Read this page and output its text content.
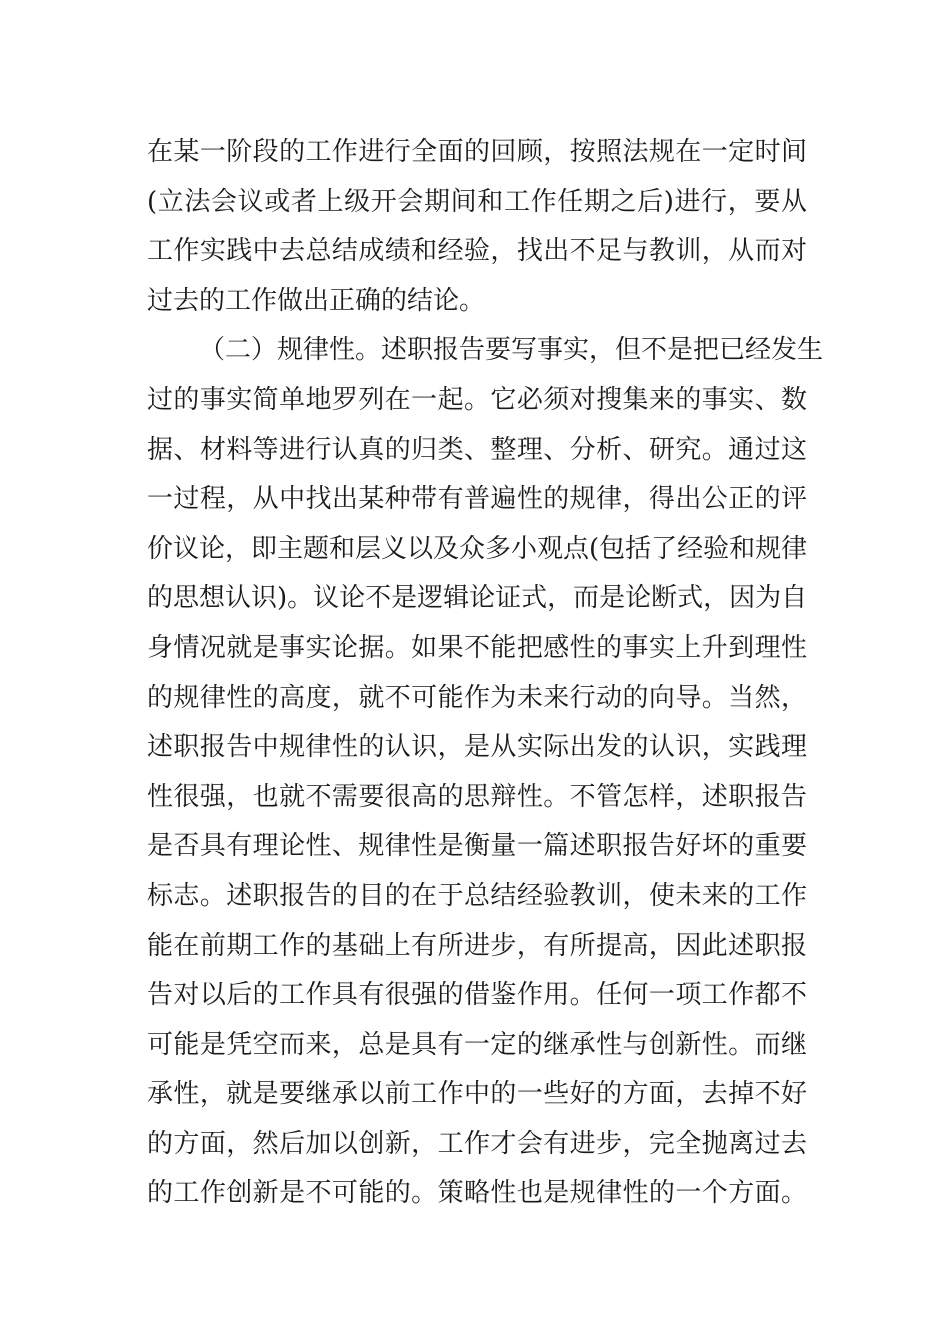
在某一阶段的工作进行全面的回顾，按照法规在一定时间
(立法会议或者上级开会期间和工作任期之后)进行，要从
工作实践中去总结成绩和经验，找出不足与教训，从而对
过去的工作做出正确的结论。
（二）规律性。述职报告要写事实，但不是把已经发生
过的事实简单地罗列在一起。它必须对搜集来的事实、数
据、材料等进行认真的归类、整理、分析、研究。通过这
一过程，从中找出某种带有普遍性的规律，得出公正的评
价议论，即主题和层义以及众多小观点(包括了经验和规律
的思想认识)。议论不是逻辑论证式，而是论断式，因为自
身情况就是事实论据。如果不能把感性的事实上升到理性
的规律性的高度，就不可能作为未来行动的向导。当然，
述职报告中规律性的认识，是从实际出发的认识，实践理
性很强，也就不需要很高的思辩性。不管怎样，述职报告
是否具有理论性、规律性是衡量一篇述职报告好坏的重要
标志。述职报告的目的在于总结经验教训，使未来的工作
能在前期工作的基础上有所进步，有所提高，因此述职报
告对以后的工作具有很强的借鉴作用。任何一项工作都不
可能是凭空而来，总是具有一定的继承性与创新性。而继
承性，就是要继承以前工作中的一些好的方面，去掉不好
的方面，然后加以创新，工作才会有进步，完全抛离过去
的工作创新是不可能的。策略性也是规律性的一个方面。
